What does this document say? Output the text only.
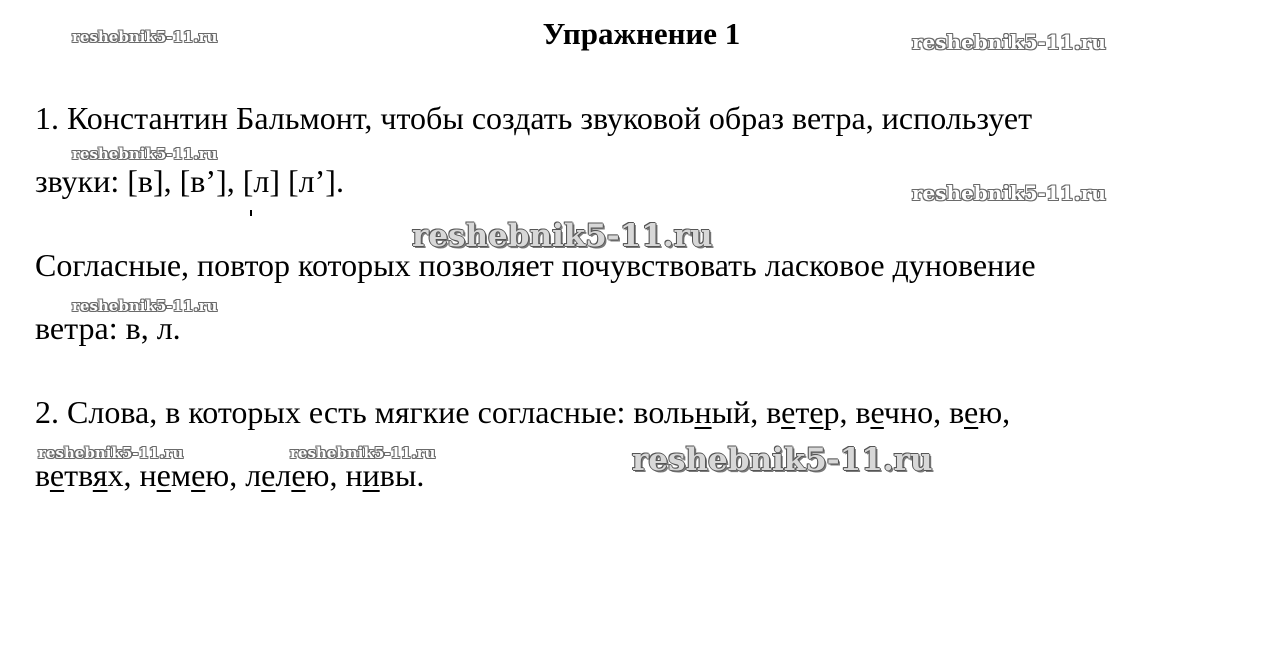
Упражнение 1
1. Константин Бальмонт, чтобы создать звуковой образ ветра, использует
звуки: [в], [в’], [л] [л’].
Согласные, повтор которых позволяет почувствовать ласковое дуновение
ветра: в, л.
2. Слова, в которых есть мягкие согласные: вольный, ветер, вечно, вею,
ветвях, немею, лелею, нивы.
reshebnik5-11.ru	reshebnik5-11.ru
reshebnik5-11.ru
reshebnik5-11.ru
reshebnik5-11.ru
reshebnik5-11.ru
reshebnik5-11.ru	reshebnik5-11.ru	reshebnik5-11.ru
